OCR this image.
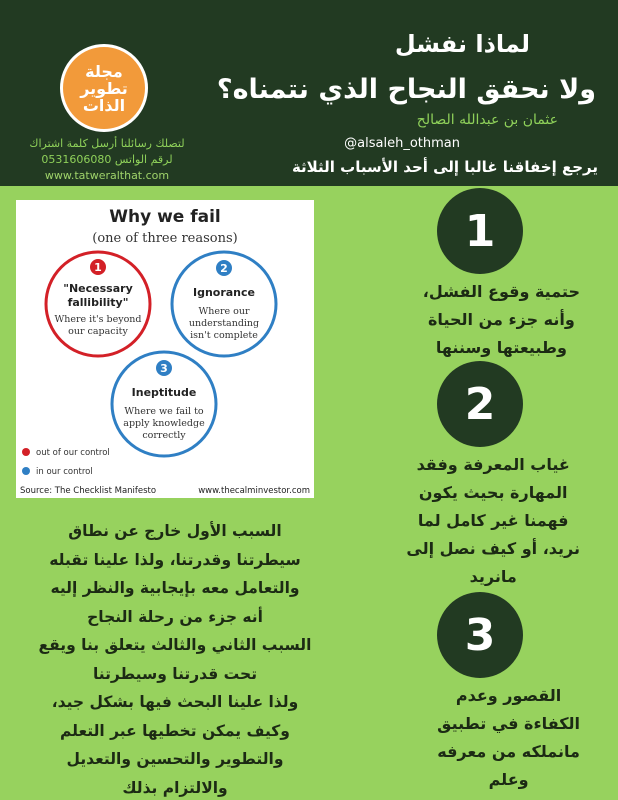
مجلة تطوير الذات
لتصلك رسائلنا أرسل كلمة اشتراك
لرقم الواتس 0531606080
www.tatweralthat.com
لماذا نفشل
ولا نحقق النجاح الذي نتمناه؟
عثمان بن عبدالله الصالح
@alsaleh_othman
يرجع إخفاقنا غالبا إلى أحد الأسباب الثلاثة
Why we fail
(one of three reasons)
1
"Necessary
fallibility"
Where it's beyond
our capacity
2
Ignorance
Where our
understanding
isn't complete
3
Ineptitude
Where we fail to
apply knowledge
correctly
out of our control
in our control
Source: The Checklist Manifesto	www.thecalminvestor.com
1
حتمية وقوع الفشل،
وأنه جزء من الحياة
وطبيعتها وسننها
2
غياب المعرفة وفقد
المهارة بحيث يكون
فهمنا غير كامل لما
نريد، أو كيف نصل إلى
مانريد
3
القصور وعدم
الكفاءة في تطبيق
مانملكه من معرفه
وعلم
السبب الأول خارج عن نطاق
سيطرتنا وقدرتنا، ولذا علينا تقبله
والتعامل معه بإيجابية والنظر إليه
أنه جزء من رحلة النجاح
السبب الثاني والثالث يتعلق بنا ويقع
تحت قدرتنا وسيطرتنا
ولذا علينا البحث فيها بشكل جيد،
وكيف يمكن تخطيها عبر التعلم
والتطوير والتحسين والتعديل
والالتزام بذلك
